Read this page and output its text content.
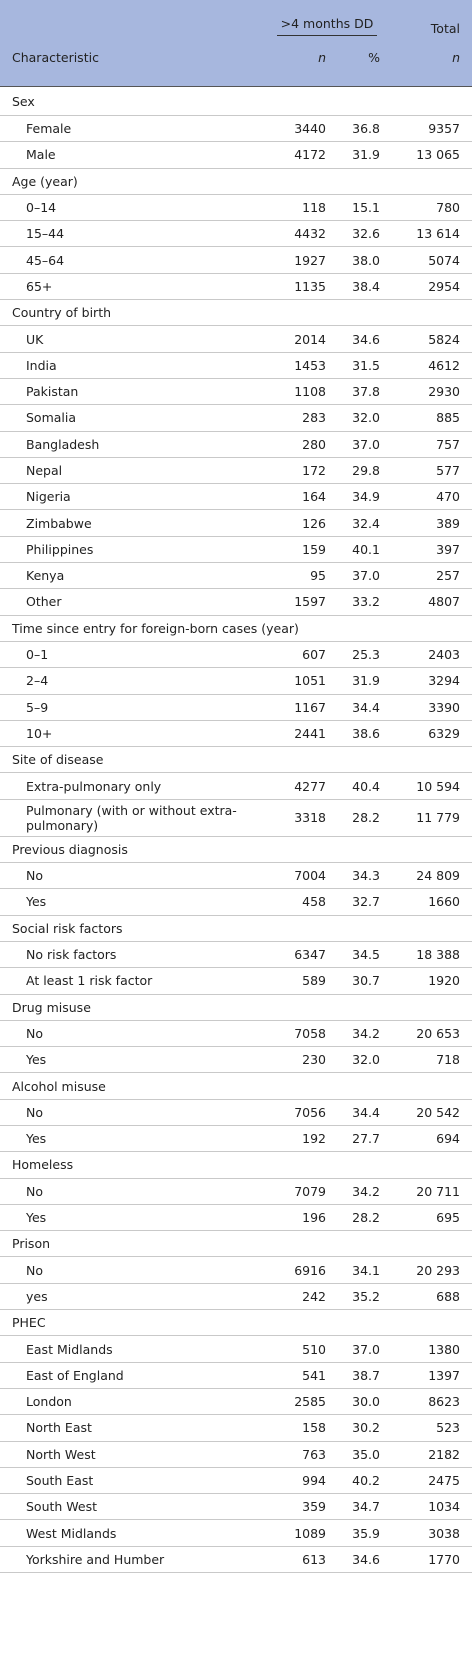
	>4 months DD		Total
Characteristic	n	%	n
Sex			
Female	3440	36.8	9357
Male	4172	31.9	13 065
Age (year)			
0–14	118	15.1	780
15–44	4432	32.6	13 614
45–64	1927	38.0	5074
65+	1135	38.4	2954
Country of birth			
UK	2014	34.6	5824
India	1453	31.5	4612
Pakistan	1108	37.8	2930
Somalia	283	32.0	885
Bangladesh	280	37.0	757
Nepal	172	29.8	577
Nigeria	164	34.9	470
Zimbabwe	126	32.4	389
Philippines	159	40.1	397
Kenya	95	37.0	257
Other	1597	33.2	4807
Time since entry for foreign-born cases (year)			
0–1	607	25.3	2403
2–4	1051	31.9	3294
5–9	1167	34.4	3390
10+	2441	38.6	6329
Site of disease			
Extra-pulmonary only	4277	40.4	10 594
Pulmonary (with or without extra-pulmonary)	3318	28.2	11 779
Previous diagnosis			
No	7004	34.3	24 809
Yes	458	32.7	1660
Social risk factors			
No risk factors	6347	34.5	18 388
At least 1 risk factor	589	30.7	1920
Drug misuse			
No	7058	34.2	20 653
Yes	230	32.0	718
Alcohol misuse			
No	7056	34.4	20 542
Yes	192	27.7	694
Homeless			
No	7079	34.2	20 711
Yes	196	28.2	695
Prison			
No	6916	34.1	20 293
yes	242	35.2	688
PHEC			
East Midlands	510	37.0	1380
East of England	541	38.7	1397
London	2585	30.0	8623
North East	158	30.2	523
North West	763	35.0	2182
South East	994	40.2	2475
South West	359	34.7	1034
West Midlands	1089	35.9	3038
Yorkshire and Humber	613	34.6	1770
